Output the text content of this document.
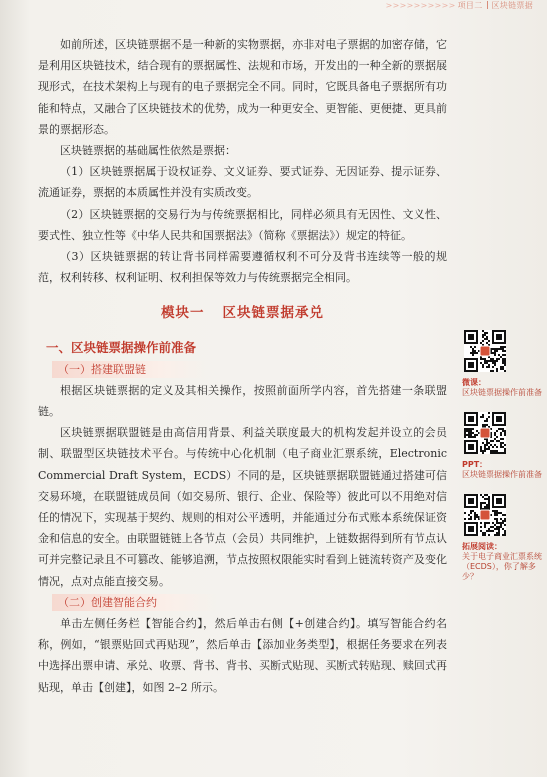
>>>>>>>>>> 项目二 区块链票据

如前所述，区块链票据不是一种新的实物票据，亦非对电子票据的加密存储，它是利用区块链技术，结合现有的票据属性、法规和市场，开发出的一种全新的票据展现形式，在技术架构上与现有的电子票据完全不同。同时，它既具备电子票据所有功能和特点，又融合了区块链技术的优势，成为一种更安全、更智能、更便捷、更具前景的票据形态。

区块链票据的基础属性依然是票据：

（1）区块链票据属于设权证券、文义证券、要式证券、无因证券、提示证券、流通证券，票据的本质属性并没有实质改变。

（2）区块链票据的交易行为与传统票据相比，同样必须具有无因性、文义性、要式性、独立性等《中华人民共和国票据法》（简称《票据法》）规定的特征。

（3）区块链票据的转让背书同样需要遵循权利不可分及背书连续等一般的规范，权利转移、权利证明、权利担保等效力与传统票据完全相同。

模块一 区块链票据承兑
一、区块链票据操作前准备
（一）搭建联盟链

根据区块链票据的定义及其相关操作，按照前面所学内容，首先搭建一条联盟链。

区块链票据联盟链是由高信用背景、利益关联度最大的机构发起并设立的会员制、联盟型区块链技术平台。与传统中心化机制（电子商业汇票系统，Electronic Commercial Draft System，ECDS）不同的是，区块链票据联盟链通过搭建可信交易环境，在联盟链成员间（如交易所、银行、企业、保险等）彼此可以不用绝对信任的情况下，实现基于契约、规则的相对公平透明，并能通过分布式账本系统保证资金和信息的安全。由联盟链链上各节点（会员）共同维护，上链数据得到所有节点认可并完整记录且不可篡改、能够追溯，节点按照权限能实时看到上链流转资产及变化情况，点对点能直接交易。

（二）创建智能合约

单击左侧任务栏【智能合约】，然后单击右侧【+创建合约】。填写智能合约名称，例如，“银票贴回式再贴现”，然后单击【添加业务类型】，根据任务要求在列表中选择出票申请、承兑、收票、背书、背书、买断式贴现、买断式转贴现、赎回式再贴现，单击【创建】，如图 2–2 所示。

微课：
区块链票据操作前准备
PPT：
区块链票据操作前准备
拓展阅读：
关于电子商业汇票系统（ECDS），你了解多少？
